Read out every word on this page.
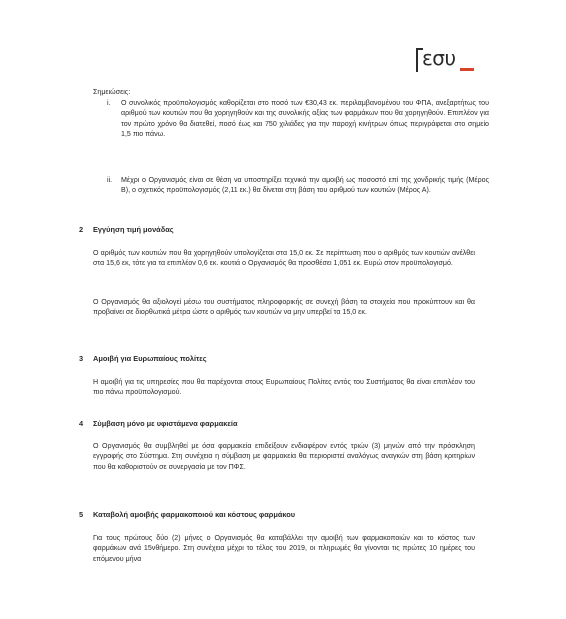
εσυ
Σημειώσεις:
i. Ο συνολικός προϋπολογισμός καθορίζεται στο ποσό των €30,43 εκ. περιλαμβανομένου του ΦΠΑ, ανεξαρτήτως του αριθμού των κουτιών που θα χορηγηθούν και της συνολικής αξίας των φαρμάκων που θα χορηγηθούν. Επιπλέον για τον πρώτο χρόνο θα διατεθεί, ποσό έως και 750 χιλιάδες για την παροχή κινήτρων όπως περιγράφεται στο σημείο 1,5 πιο πάνω.
ii. Μέχρι ο Οργανισμός είναι σε θέση να υποστηρίξει τεχνικά την αμοιβή ως ποσοστό επί της χονδρικής τιμής (Μέρος Β), ο σχετικός προϋπολογισμός (2,11 εκ.) θα δίνεται στη βάση του αριθμού των κουτιών (Μέρος Α).
2 Εγγύηση τιμή μονάδας
Ο αριθμός των κουτιών που θα χορηγηθούν υπολογίζεται στα 15,0 εκ. Σε περίπτωση που ο αριθμός των κουτιών ανέλθει στα 15,6 εκ, τότε για τα επιπλέον 0,6 εκ. κουτιά ο Οργανισμός θα προσθέσει 1,051 εκ. Ευρώ στον προϋπολογισμό.
Ο Οργανισμός θα αξιολογεί μέσω του συστήματος πληροφορικής σε συνεχή βάση τα στοιχεία που προκύπτουν και θα προβαίνει σε διορθωτικά μέτρα ώστε ο αριθμός των κουτιών να μην υπερβεί τα 15,0 εκ.
3 Αμοιβή για Ευρωπαίους πολίτες
Η αμοιβή για τις υπηρεσίες που θα παρέχονται στους Ευρωπαίους Πολίτες εντός του Συστήματος θα είναι επιπλέον του πιο πάνω προϋπολογισμού.
4 Σύμβαση μόνο με υφιστάμενα φαρμακεία
Ο Οργανισμός θα συμβληθεί με όσα φαρμακεία επιδείξουν ενδιαφέρον εντός τριών (3) μηνών από την πρόσκληση εγγραφής στο Σύστημα. Στη συνέχεια η σύμβαση με φαρμακεία θα περιοριστεί αναλόγως αναγκών στη βάση κριτηρίων που θα καθοριστούν σε συνεργασία με τον ΠΦΣ.
5 Καταβολή αμοιβής φαρμακοποιού και κόστους φαρμάκου
Για τους πρώτους δύο (2) μήνες ο Οργανισμός θα καταβάλλει την αμοιβή των φαρμακοποιών και το κόστος των φαρμάκων ανά 15νθήμερο. Στη συνέχεια μέχρι το τέλος του 2019, οι πληρωμές θα γίνονται τις πρώτες 10 ημέρες του επόμενου μήνα
